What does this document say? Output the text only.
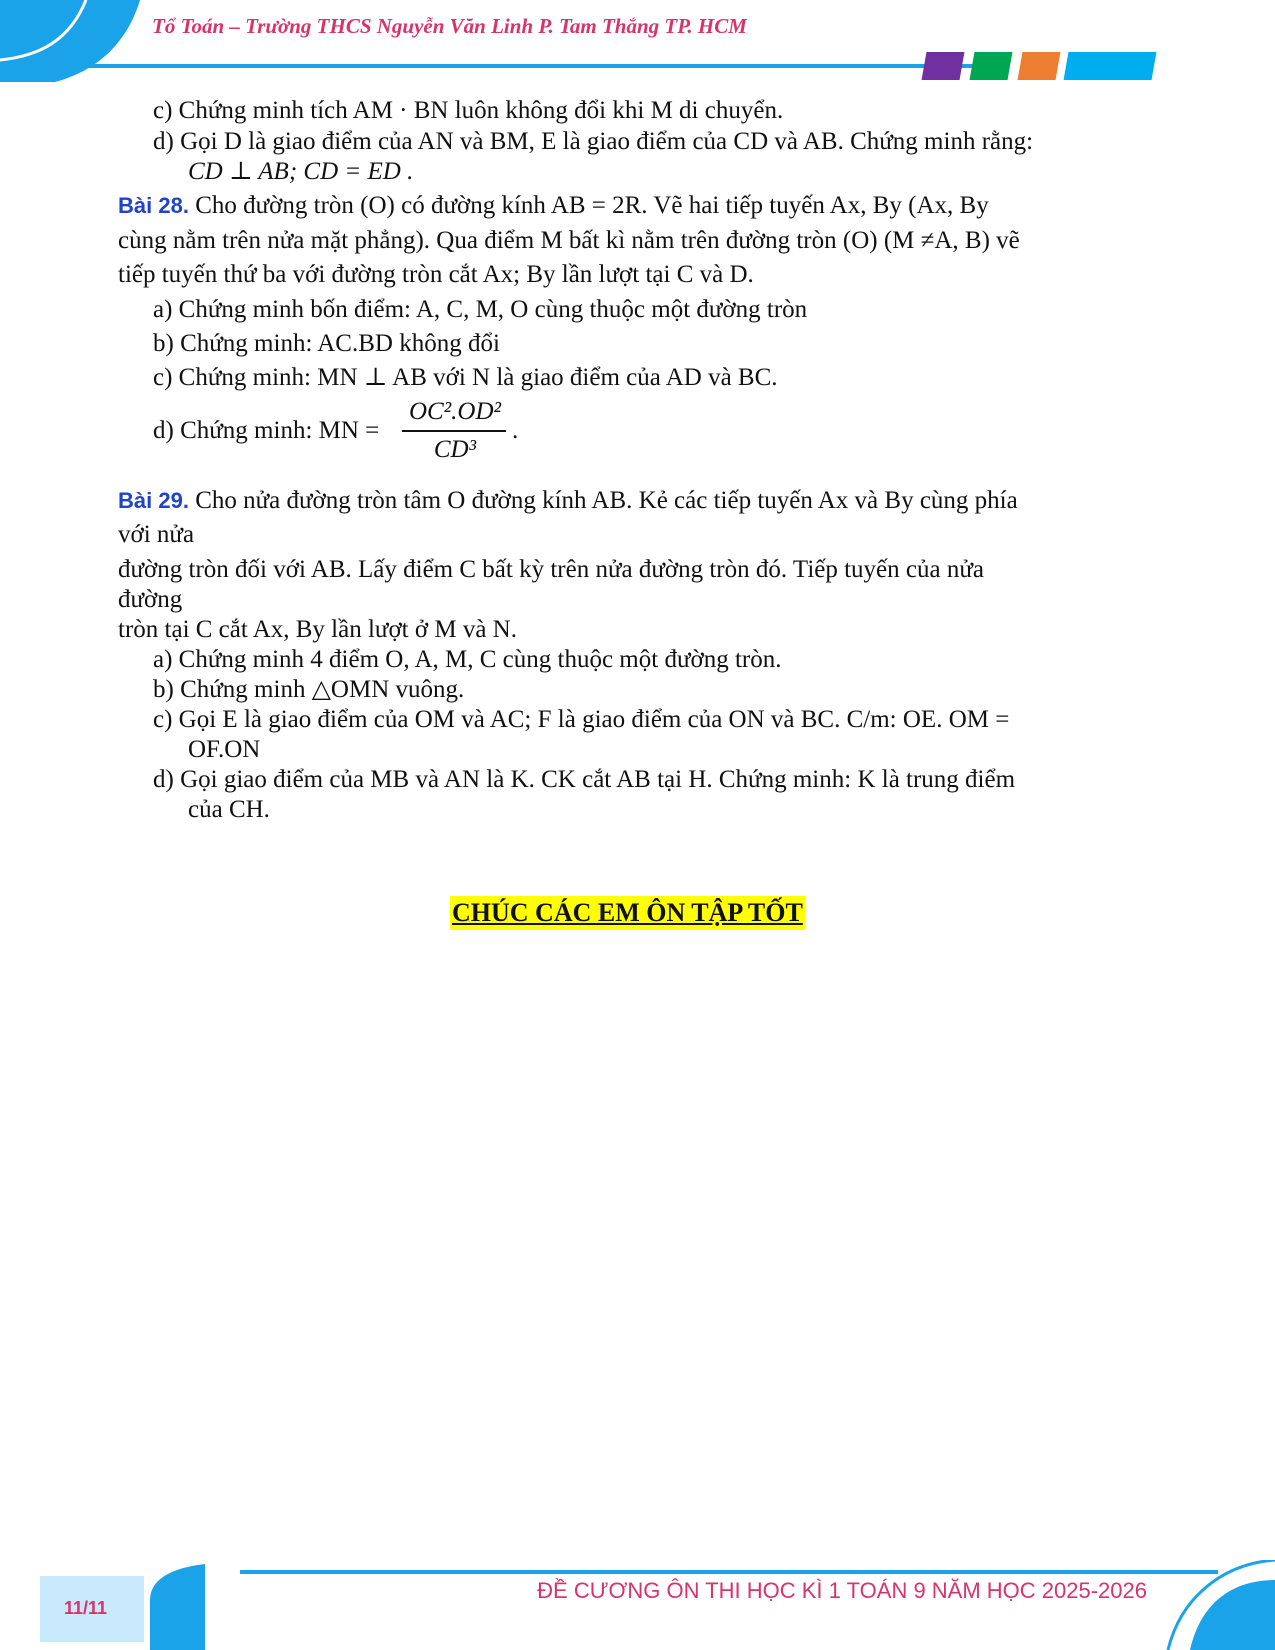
Tổ Toán – Trường THCS Nguyễn Văn Linh P. Tam Thắng TP. HCM
c) Chứng minh tích AM · BN luôn không đổi khi M di chuyển.
d) Gọi D là giao điểm của AN và BM, E là giao điểm của CD và AB. Chứng minh rằng:
CD ⊥ AB; CD = ED .
Bài 28. Cho đường tròn (O) có đường kính AB = 2R. Vẽ hai tiếp tuyến Ax, By (Ax, By
cùng nằm trên nửa mặt phẳng). Qua điểm M bất kì nằm trên đường tròn (O) (M ≠A, B) vẽ
tiếp tuyến thứ ba với đường tròn cắt Ax; By lần lượt tại C và D.
a) Chứng minh bốn điểm: A, C, M, O cùng thuộc một đường tròn
b) Chứng minh: AC.BD không đổi
c) Chứng minh: MN ⊥ AB với N là giao điểm của AD và BC.
d) Chứng minh: MN =
OC².OD²
CD³
.
Bài 29. Cho nửa đường tròn tâm O đường kính AB. Kẻ các tiếp tuyến Ax và By cùng phía
với nửa
đường tròn đối với AB. Lấy điểm C bất kỳ trên nửa đường tròn đó. Tiếp tuyến của nửa
đường
tròn tại C cắt Ax, By lần lượt ở M và N.
a) Chứng minh 4 điểm O, A, M, C cùng thuộc một đường tròn.
b) Chứng minh △OMN vuông.
c) Gọi E là giao điểm của OM và AC; F là giao điểm của ON và BC. C/m: OE. OM =
OF.ON
d) Gọi giao điểm của MB và AN là K. CK cắt AB tại H. Chứng minh: K là trung điểm
của CH.
CHÚC CÁC EM ÔN TẬP TỐT
ĐỀ CƯƠNG ÔN THI HỌC KÌ 1 TOÁN 9 NĂM HỌC 2025-2026
11/11
